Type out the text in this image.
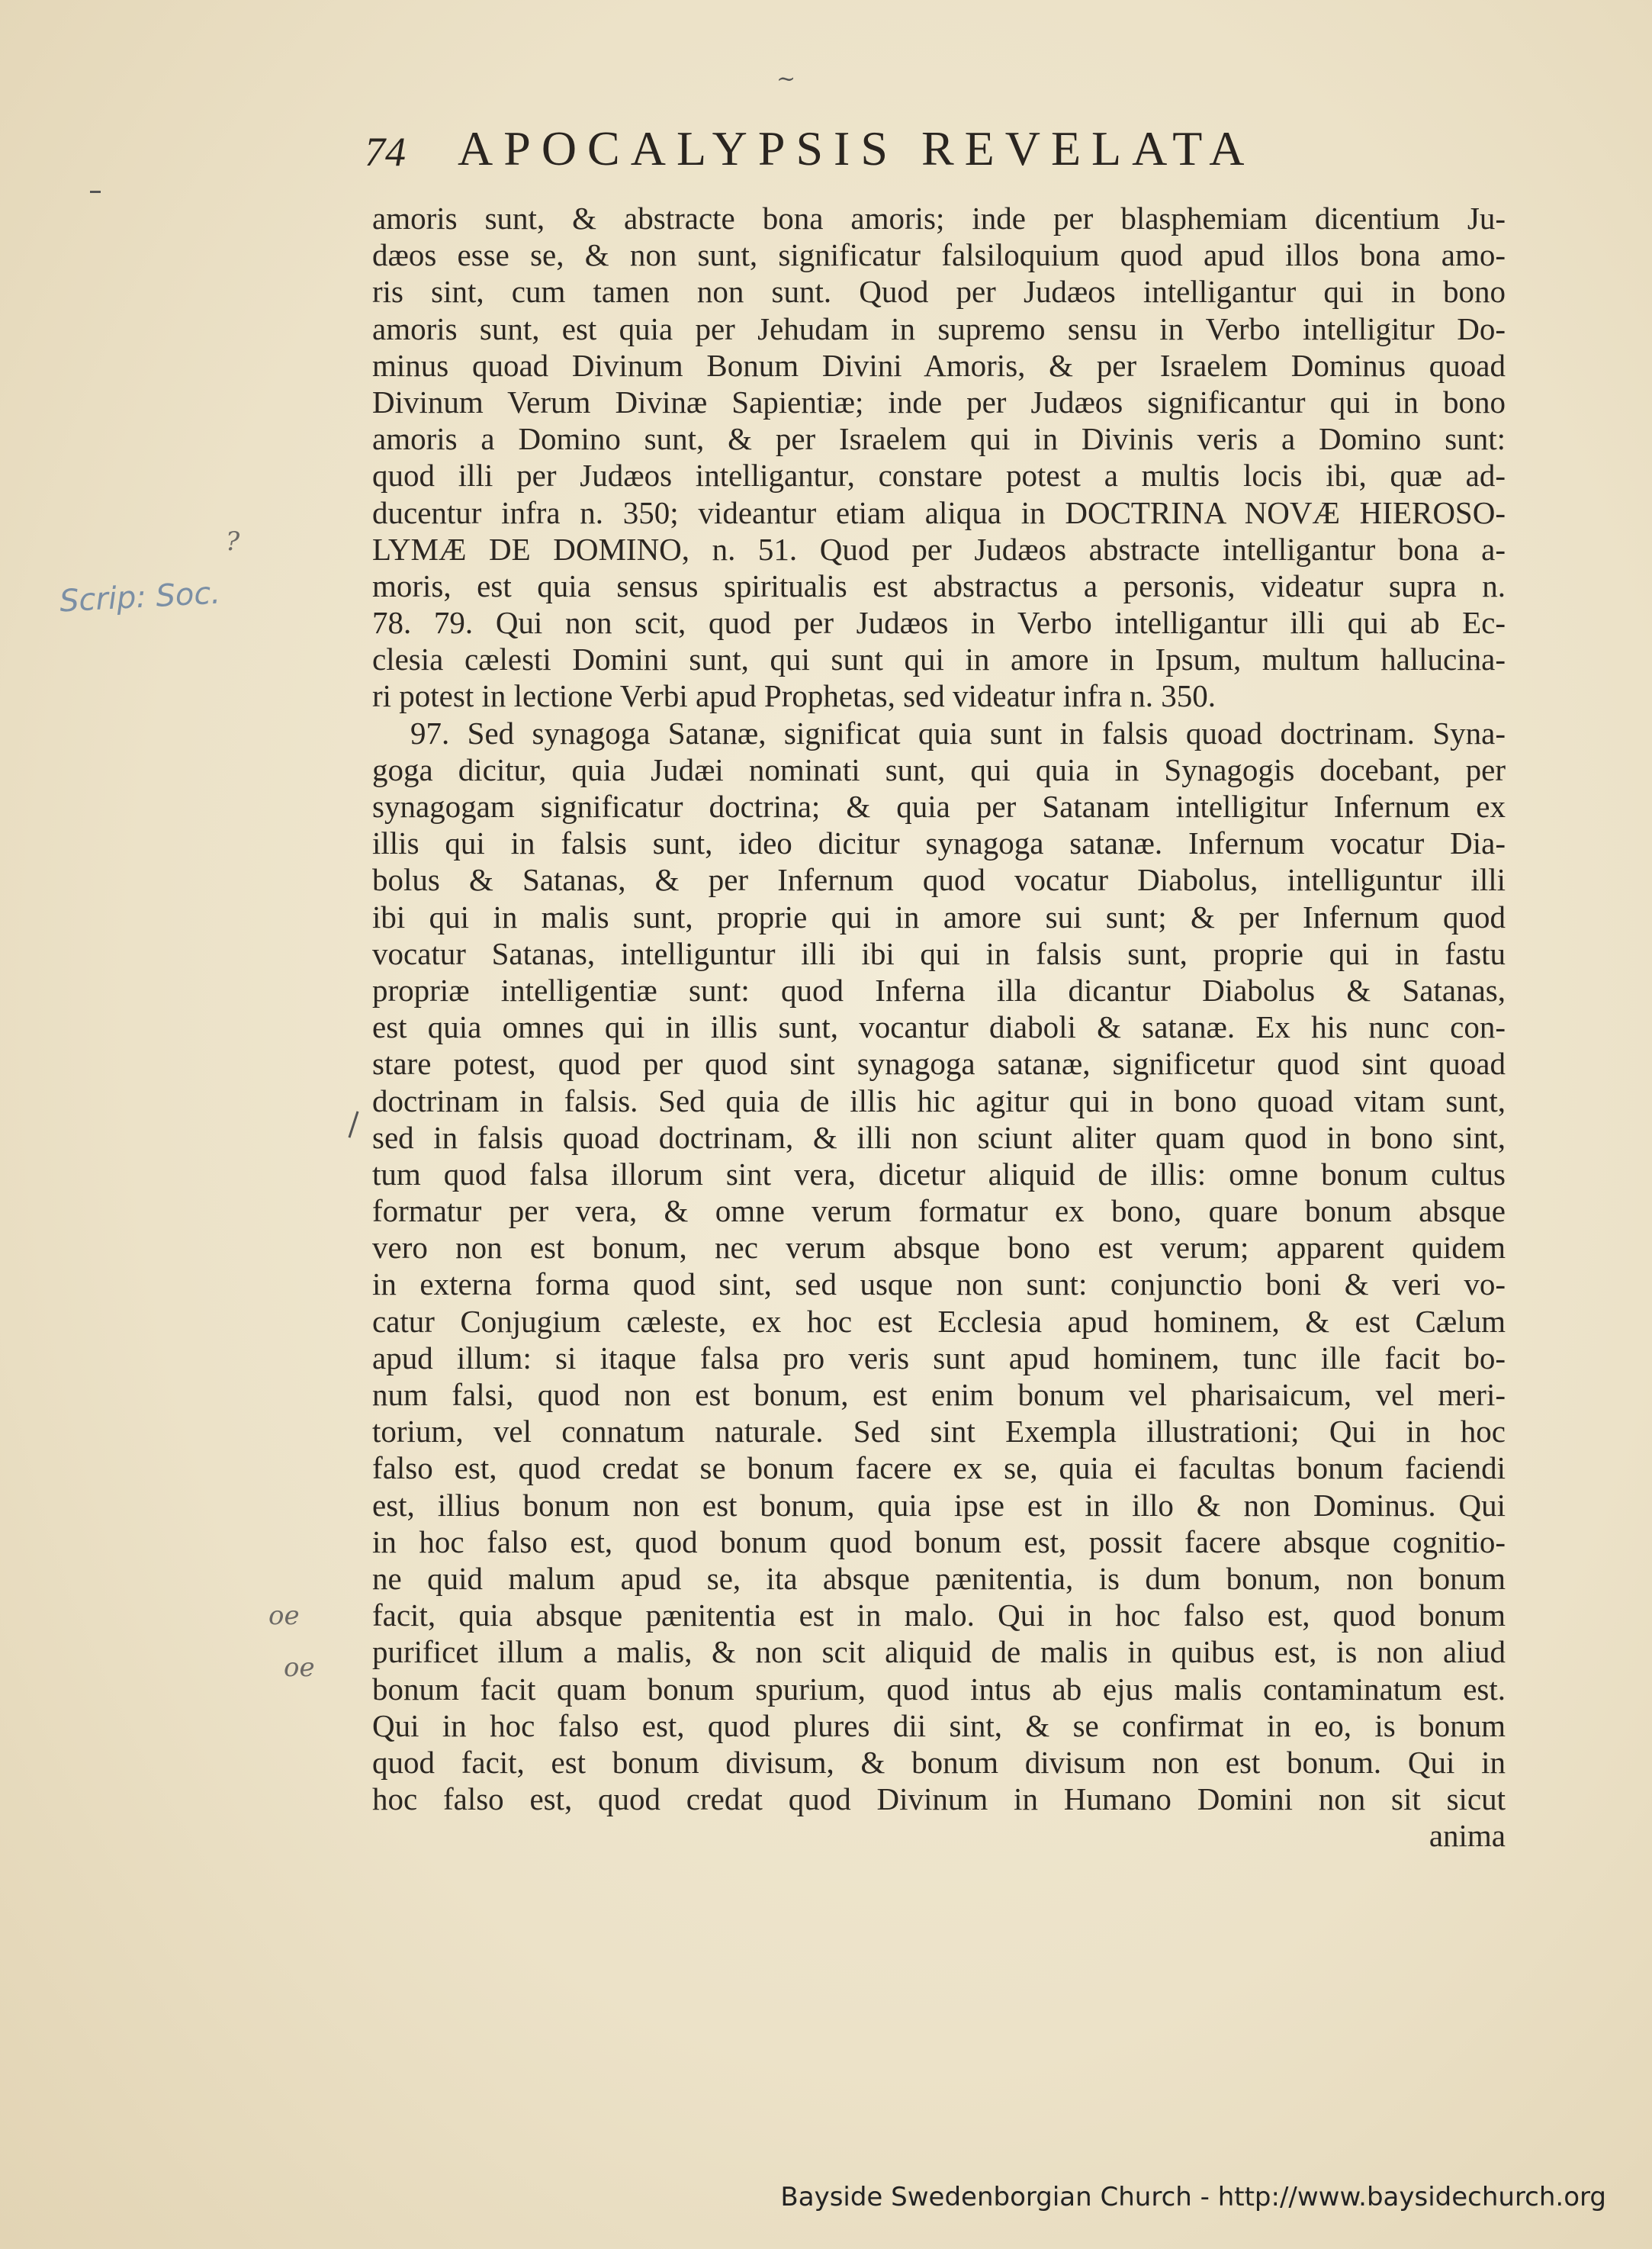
~
74 APOCALYPSIS REVELATA
?
Scrip: Soc.
oe
oe
amoris sunt, & abstracte bona amoris; inde per blasphemiam dicentium Ju-
dæos esse se, & non sunt, significatur falsiloquium quod apud illos bona amo-
ris sint, cum tamen non sunt. Quod per Judæos intelligantur qui in bono
amoris sunt, est quia per Jehudam in supremo sensu in Verbo intelligitur Do-
minus quoad Divinum Bonum Divini Amoris, & per Israelem Dominus quoad
Divinum Verum Divinæ Sapientiæ; inde per Judæos significantur qui in bono
amoris a Domino sunt, & per Israelem qui in Divinis veris a Domino sunt:
quod illi per Judæos intelligantur, constare potest a multis locis ibi, quæ ad-
ducentur infra n. 350; videantur etiam aliqua in DOCTRINA NOVÆ HIEROSO-
LYMÆ DE DOMINO, n. 51. Quod per Judæos abstracte intelligantur bona a-
moris, est quia sensus spiritualis est abstractus a personis, videatur supra n.
78. 79. Qui non scit, quod per Judæos in Verbo intelligantur illi qui ab Ec-
clesia cælesti Domini sunt, qui sunt qui in amore in Ipsum, multum hallucina-
ri potest in lectione Verbi apud Prophetas, sed videatur infra n. 350.
97. Sed synagoga Satanæ, significat quia sunt in falsis quoad doctrinam. Syna-
goga dicitur, quia Judæi nominati sunt, qui quia in Synagogis docebant, per
synagogam significatur doctrina; & quia per Satanam intelligitur Infernum ex
illis qui in falsis sunt, ideo dicitur synagoga satanæ. Infernum vocatur Dia-
bolus & Satanas, & per Infernum quod vocatur Diabolus, intelliguntur illi
ibi qui in malis sunt, proprie qui in amore sui sunt; & per Infernum quod
vocatur Satanas, intelliguntur illi ibi qui in falsis sunt, proprie qui in fastu
propriæ intelligentiæ sunt: quod Inferna illa dicantur Diabolus & Satanas,
est quia omnes qui in illis sunt, vocantur diaboli & satanæ. Ex his nunc con-
stare potest, quod per quod sint synagoga satanæ, significetur quod sint quoad
doctrinam in falsis. Sed quia de illis hic agitur qui in bono quoad vitam sunt,
sed in falsis quoad doctrinam, & illi non sciunt aliter quam quod in bono sint,
tum quod falsa illorum sint vera, dicetur aliquid de illis: omne bonum cultus
formatur per vera, & omne verum formatur ex bono, quare bonum absque
vero non est bonum, nec verum absque bono est verum; apparent quidem
in externa forma quod sint, sed usque non sunt: conjunctio boni & veri vo-
catur Conjugium cæleste, ex hoc est Ecclesia apud hominem, & est Cælum
apud illum: si itaque falsa pro veris sunt apud hominem, tunc ille facit bo-
num falsi, quod non est bonum, est enim bonum vel pharisaicum, vel meri-
torium, vel connatum naturale. Sed sint Exempla illustrationi; Qui in hoc
falso est, quod credat se bonum facere ex se, quia ei facultas bonum faciendi
est, illius bonum non est bonum, quia ipse est in illo & non Dominus. Qui
in hoc falso est, quod bonum quod bonum est, possit facere absque cognitio-
ne quid malum apud se, ita absque pænitentia, is dum bonum, non bonum
facit, quia absque pænitentia est in malo. Qui in hoc falso est, quod bonum
purificet illum a malis, & non scit aliquid de malis in quibus est, is non aliud
bonum facit quam bonum spurium, quod intus ab ejus malis contaminatum est.
Qui in hoc falso est, quod plures dii sint, & se confirmat in eo, is bonum
quod facit, est bonum divisum, & bonum divisum non est bonum. Qui in
hoc falso est, quod credat quod Divinum in Humano Domini non sit sicut
anima
Bayside Swedenborgian Church - http://www.baysidechurch.org
